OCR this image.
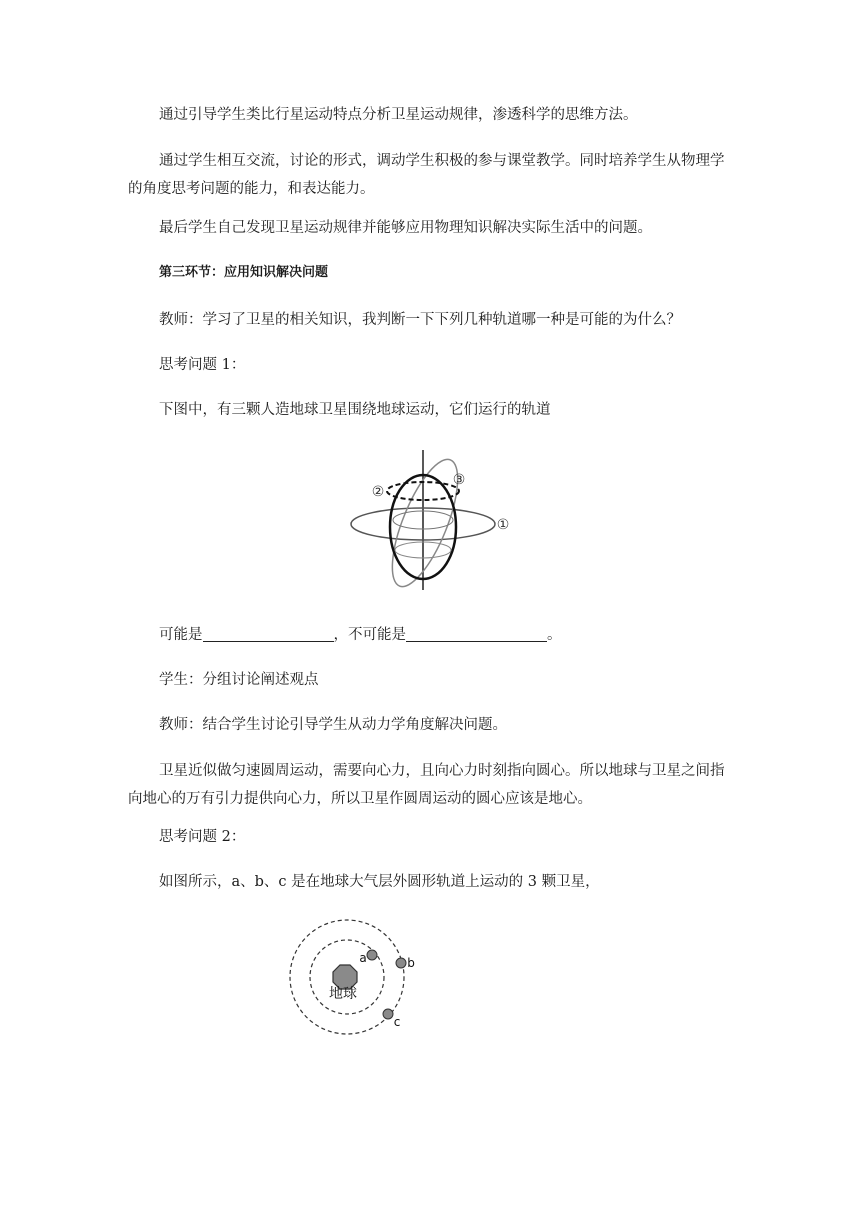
通过引导学生类比行星运动特点分析卫星运动规律，渗透科学的思维方法。

通过学生相互交流，讨论的形式，调动学生积极的参与课堂教学。同时培养学生从物理学的角度思考问题的能力，和表达能力。

最后学生自己发现卫星运动规律并能够应用物理知识解决实际生活中的问题。

第三环节：应用知识解决问题

教师：学习了卫星的相关知识，我判断一下下列几种轨道哪一种是可能的为什么？

思考问题 1：

下图中，有三颗人造地球卫星围绕地球运动，它们运行的轨道

②
③
①

可能是	，不可能是	。

学生：分组讨论阐述观点

教师：结合学生讨论引导学生从动力学角度解决问题。

卫星近似做匀速圆周运动，需要向心力，且向心力时刻指向圆心。所以地球与卫星之间指向地心的万有引力提供向心力，所以卫星作圆周运动的圆心应该是地心。

思考问题 2：

如图所示，a、b、c 是在地球大气层外圆形轨道上运动的 3 颗卫星，

地球
a	b
c
